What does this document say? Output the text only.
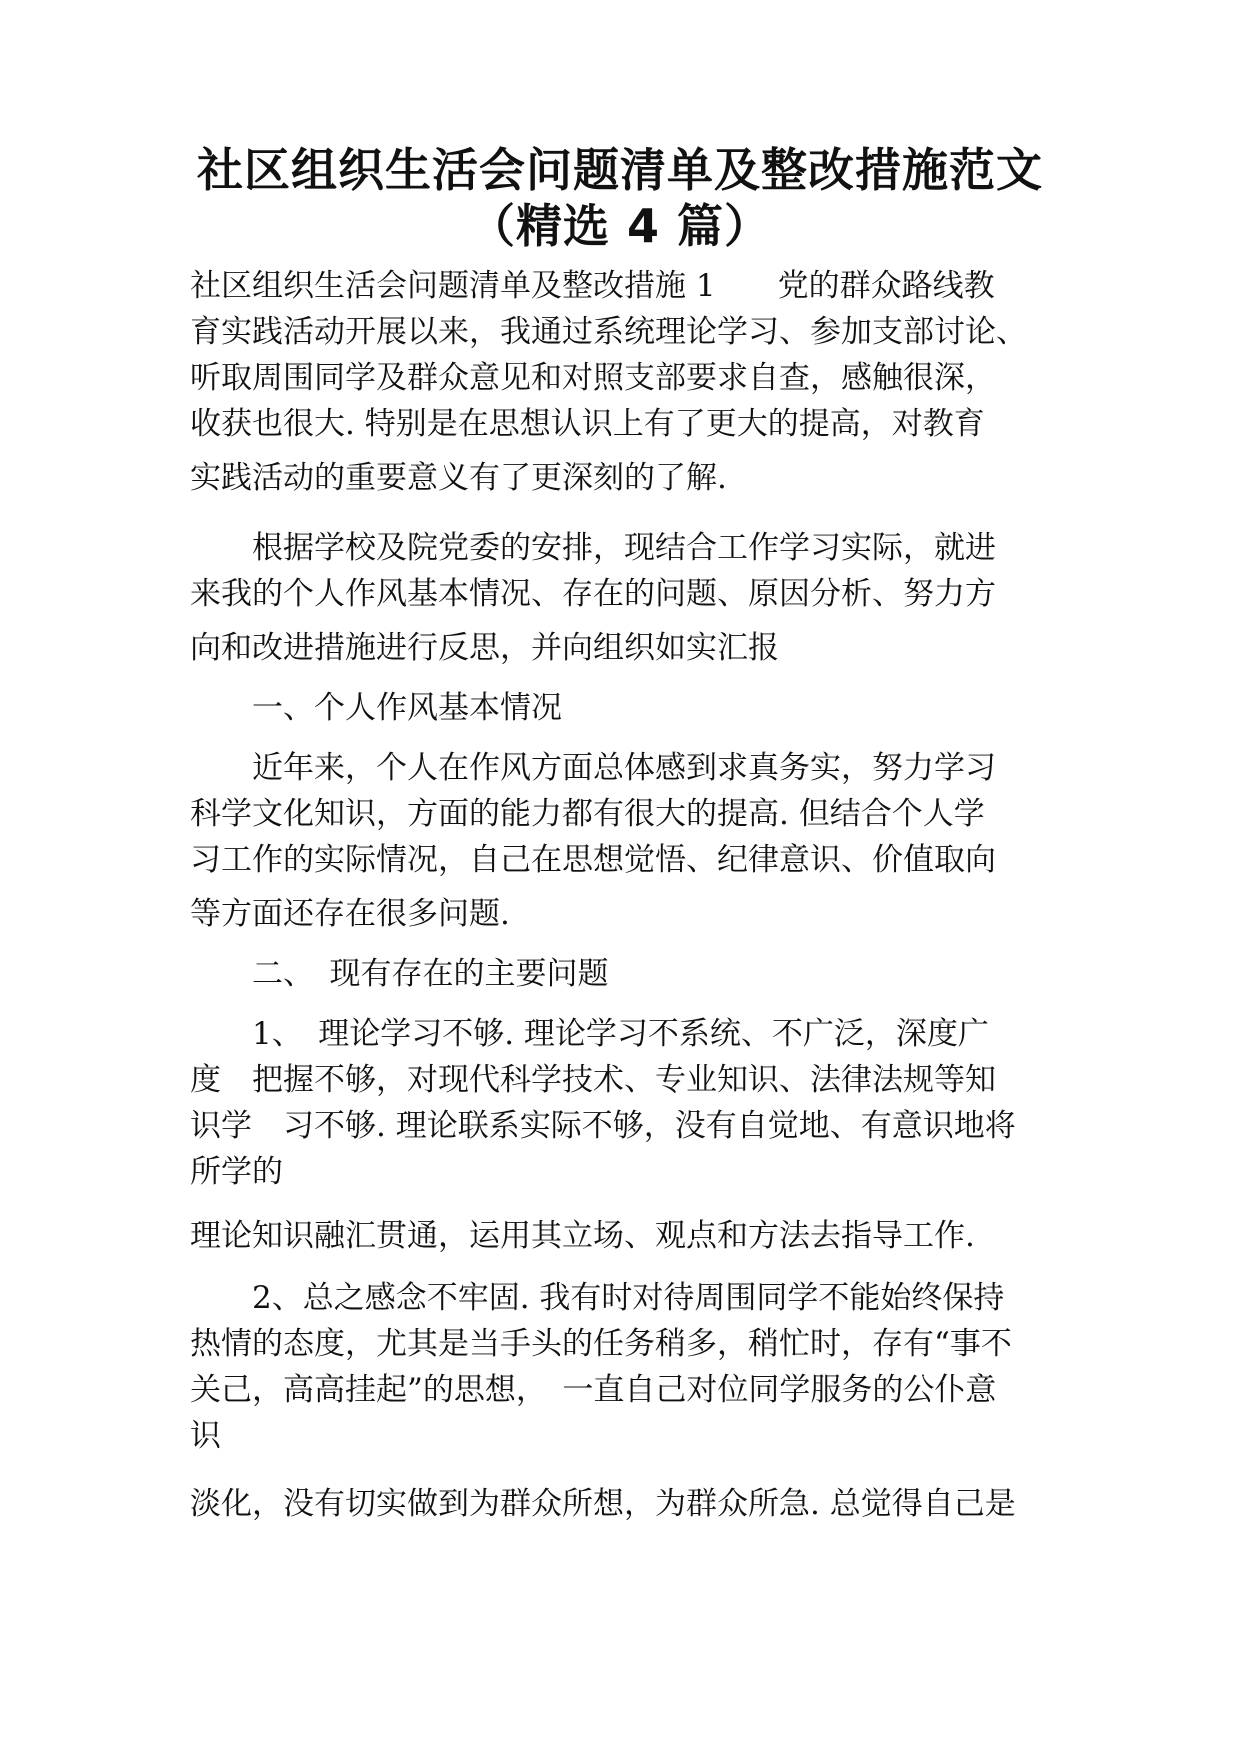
社区组织生活会问题清单及整改措施范文
（精选 4 篇）
社区组织生活会问题清单及整改措施 1　　党的群众路线教
育实践活动开展以来，我通过系统理论学习、参加支部讨论、
听取周围同学及群众意见和对照支部要求自查，感触很深，
收获也很大. 特别是在思想认识上有了更大的提高，对教育
实践活动的重要意义有了更深刻的了解.
　　根据学校及院党委的安排，现结合工作学习实际，就进
来我的个人作风基本情况、存在的问题、原因分析、努力方
向和改进措施进行反思，并向组织如实汇报
　　一、个人作风基本情况
　　近年来，个人在作风方面总体感到求真务实，努力学习
科学文化知识，方面的能力都有很大的提高. 但结合个人学
习工作的实际情况，自己在思想觉悟、纪律意识、价值取向
等方面还存在很多问题.
　　二、　现有存在的主要问题
　　1、　理论学习不够. 理论学习不系统、不广泛，深度广
度　把握不够，对现代科学技术、专业知识、法律法规等知
识学　习不够. 理论联系实际不够，没有自觉地、有意识地将
所学的
理论知识融汇贯通，运用其立场、观点和方法去指导工作.
　　2、总之感念不牢固. 我有时对待周围同学不能始终保持
热情的态度，尤其是当手头的任务稍多，稍忙时，存有“事不
关己，高高挂起”的思想，　一直自己对位同学服务的公仆意
识
淡化，没有切实做到为群众所想，为群众所急. 总觉得自己是
